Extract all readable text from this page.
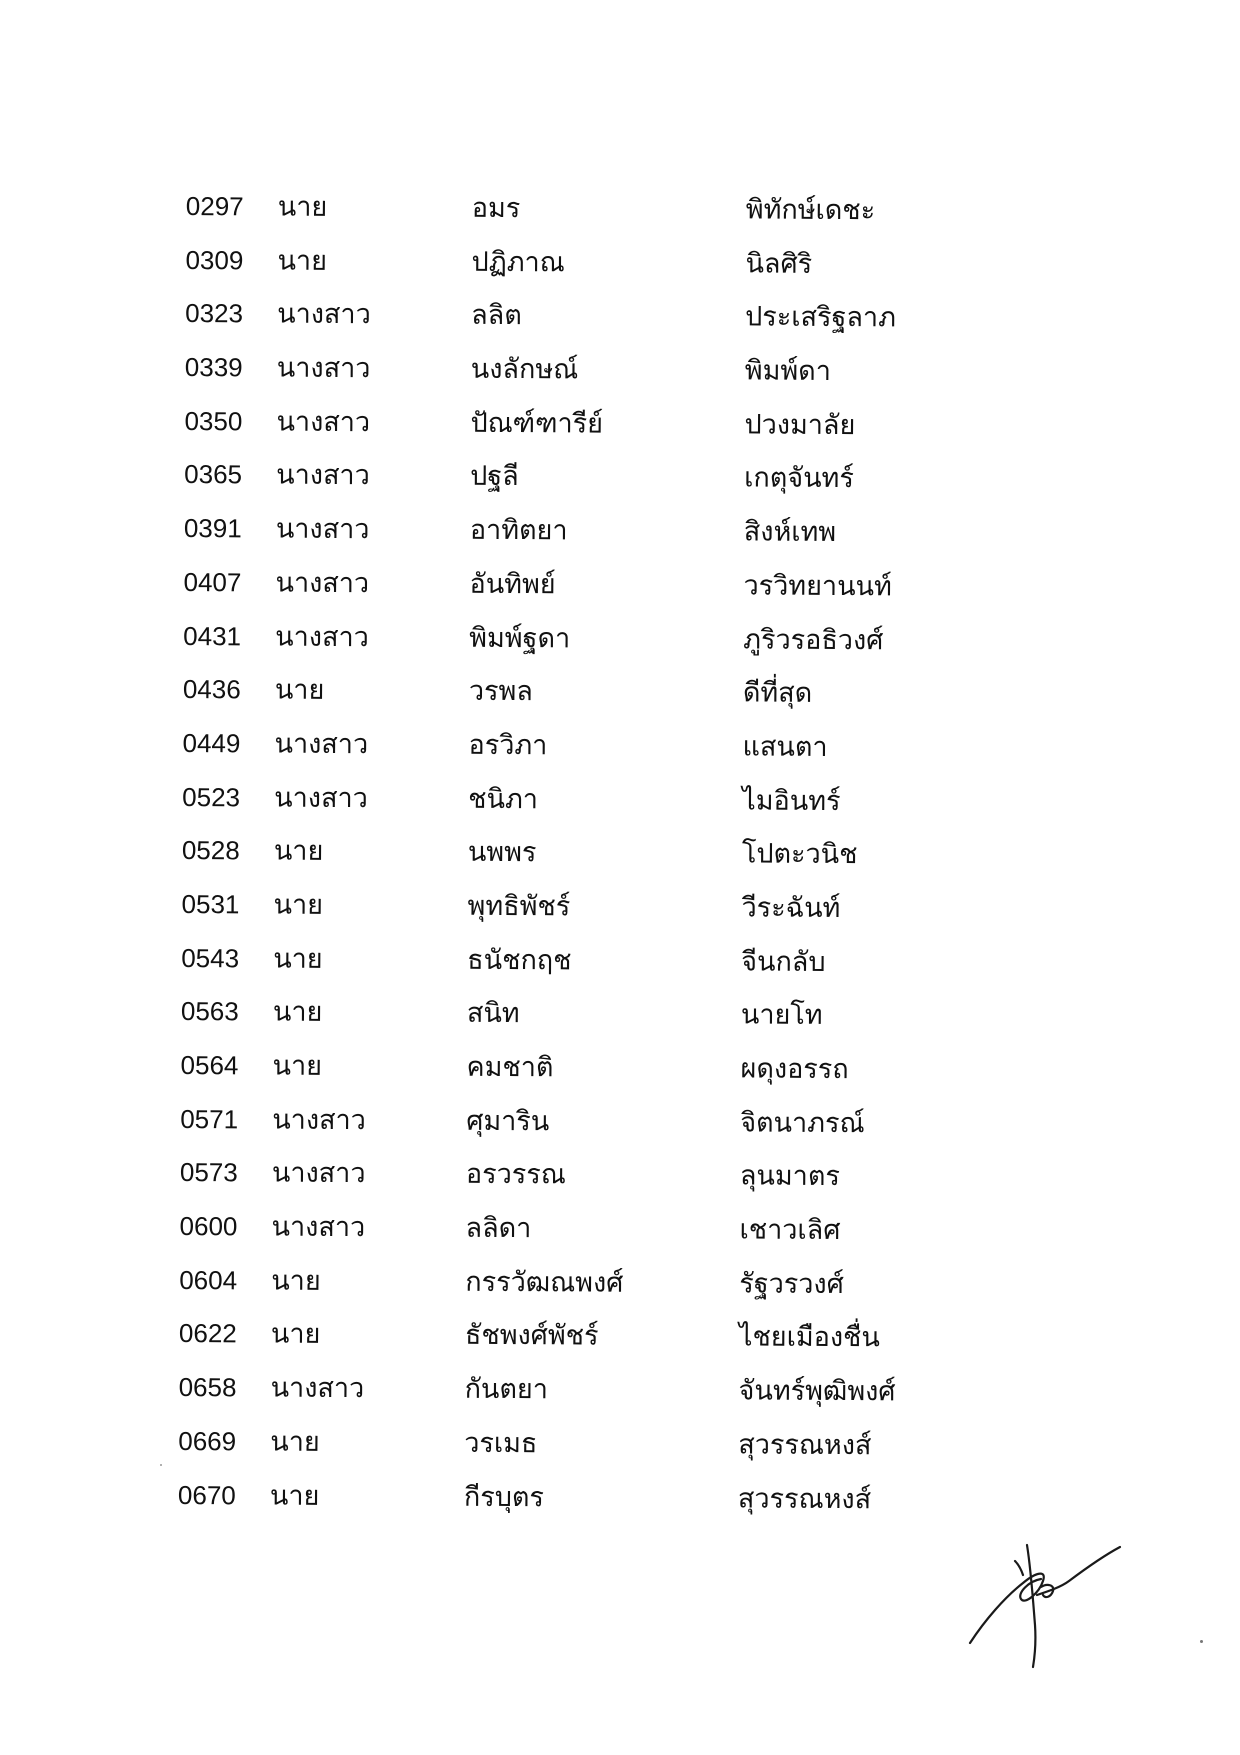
0297 นาย	อมร	พิทักษ์เดชะ
0309 นาย	ปฏิภาณ	นิลศิริ
0323 นางสาว	ลลิต	ประเสริฐลาภ
0339 นางสาว	นงลักษณ์	พิมพ์ดา
0350 นางสาว	ปัณฑ์ฑารีย์	ปวงมาลัย
0365 นางสาว	ปฐลี	เกตุจันทร์
0391 นางสาว	อาทิตยา	สิงห์เทพ
0407 นางสาว	อันทิพย์	วรวิทยานนท์
0431 นางสาว	พิมพ์ฐดา	ภูริวรอธิวงศ์
0436 นาย	วรพล	ดีที่สุด
0449 นางสาว	อรวิภา	แสนตา
0523 นางสาว	ชนิภา	ไมอินทร์
0528 นาย	นพพร	โปตะวนิช
0531 นาย	พุทธิพัชร์	วีระฉันท์
0543 นาย	ธนัชกฤช	จีนกลับ
0563 นาย	สนิท	นายโท
0564 นาย	คมชาติ	ผดุงอรรถ
0571 นางสาว	ศุมาริน	จิตนาภรณ์
0573 นางสาว	อรวรรณ	ลุนมาตร
0600 นางสาว	ลลิดา	เชาวเลิศ
0604 นาย	กรรวัฒณพงศ์	รัฐวรวงศ์
0622 นาย	ธัชพงศ์พัชร์	ไชยเมืองชื่น
0658 นางสาว	กันตยา	จันทร์พุฒิพงศ์
0669 นาย	วรเมธ	สุวรรณหงส์
0670 นาย	กีรบุตร	สุวรรณหงส์
